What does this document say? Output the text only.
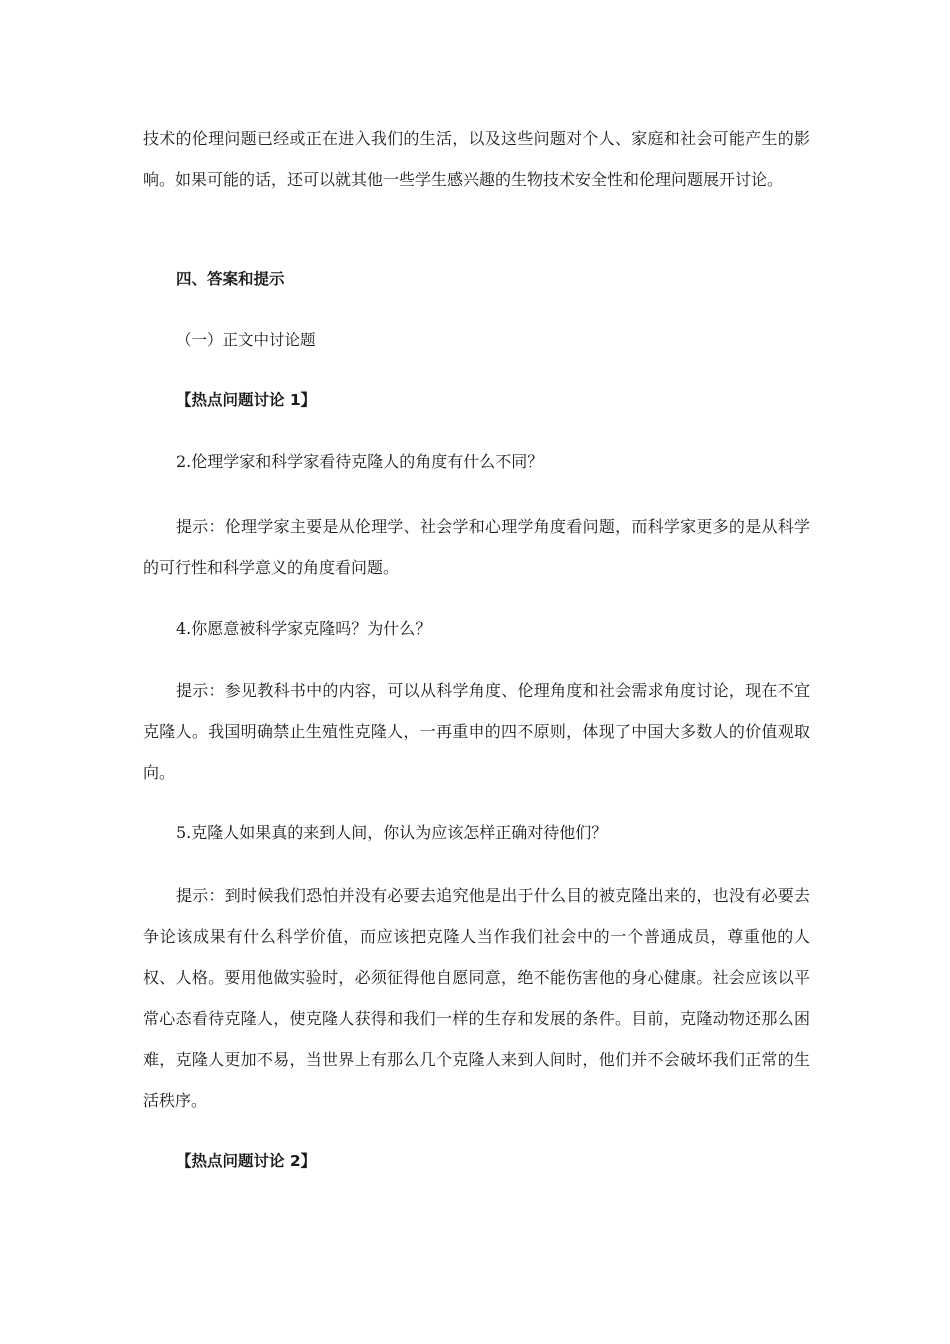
技术的伦理问题已经或正在进入我们的生活，以及这些问题对个人、家庭和社会可能产生的影响。如果可能的话，还可以就其他一些学生感兴趣的生物技术安全性和伦理问题展开讨论。

四、答案和提示

（一）正文中讨论题

【热点问题讨论 1】

2.伦理学家和科学家看待克隆人的角度有什么不同？

提示：伦理学家主要是从伦理学、社会学和心理学角度看问题，而科学家更多的是从科学的可行性和科学意义的角度看问题。

4.你愿意被科学家克隆吗？为什么？

提示：参见教科书中的内容，可以从科学角度、伦理角度和社会需求角度讨论，现在不宜克隆人。我国明确禁止生殖性克隆人，一再重申的四不原则，体现了中国大多数人的价值观取向。

5.克隆人如果真的来到人间，你认为应该怎样正确对待他们？

提示：到时候我们恐怕并没有必要去追究他是出于什么目的被克隆出来的，也没有必要去争论该成果有什么科学价值，而应该把克隆人当作我们社会中的一个普通成员，尊重他的人权、人格。要用他做实验时，必须征得他自愿同意，绝不能伤害他的身心健康。社会应该以平常心态看待克隆人，使克隆人获得和我们一样的生存和发展的条件。目前，克隆动物还那么困难，克隆人更加不易，当世界上有那么几个克隆人来到人间时，他们并不会破坏我们正常的生活秩序。

【热点问题讨论 2】
